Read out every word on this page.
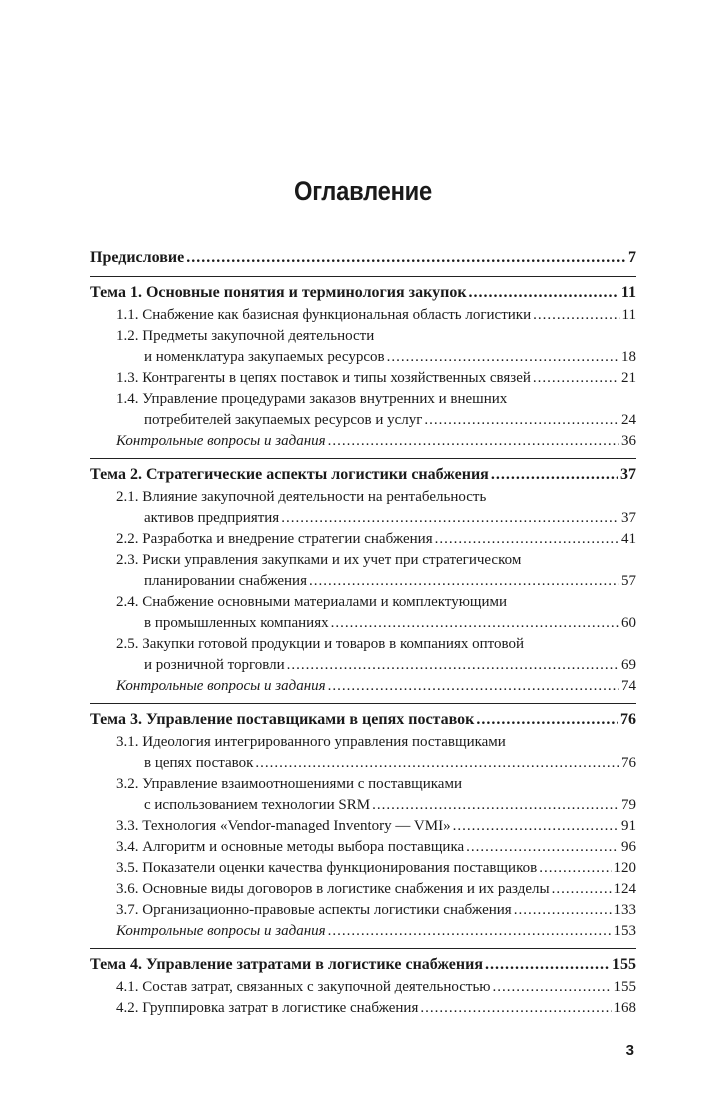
Оглавление
Предисловие .....	7
Тема 1. Основные понятия и терминология закупок .....	11
1.1. Снабжение как базисная функциональная область логистики .....	11
1.2. Предметы закупочной деятельности
и номенклатура закупаемых ресурсов .....	18
1.3. Контрагенты в цепях поставок и типы хозяйственных связей .....	21
1.4. Управление процедурами заказов внутренних и внешних
потребителей закупаемых ресурсов и услуг .....	24
Контрольные вопросы и задания .....	36
Тема 2. Стратегические аспекты логистики снабжения .....	37
2.1. Влияние закупочной деятельности на рентабельность
активов предприятия .....	37
2.2. Разработка и внедрение стратегии снабжения .....	41
2.3. Риски управления закупками и их учет при стратегическом
планировании снабжения .....	57
2.4. Снабжение основными материалами и комплектующими
в промышленных компаниях .....	60
2.5. Закупки готовой продукции и товаров в компаниях оптовой
и розничной торговли .....	69
Контрольные вопросы и задания .....	74
Тема 3. Управление поставщиками в цепях поставок .....	76
3.1. Идеология интегрированного управления поставщиками
в цепях поставок .....	76
3.2. Управление взаимоотношениями с поставщиками
с использованием технологии SRM .....	79
3.3. Технология «Vendor-managed Inventory — VMI» .....	91
3.4. Алгоритм и основные методы выбора поставщика .....	96
3.5. Показатели оценки качества функционирования поставщиков .....	120
3.6. Основные виды договоров в логистике снабжения и их разделы .....	124
3.7. Организационно-правовые аспекты логистики снабжения .....	133
Контрольные вопросы и задания .....	153
Тема 4. Управление затратами в логистике снабжения .....	155
4.1. Состав затрат, связанных с закупочной деятельностью .....	155
4.2. Группировка затрат в логистике снабжения .....	168
3
